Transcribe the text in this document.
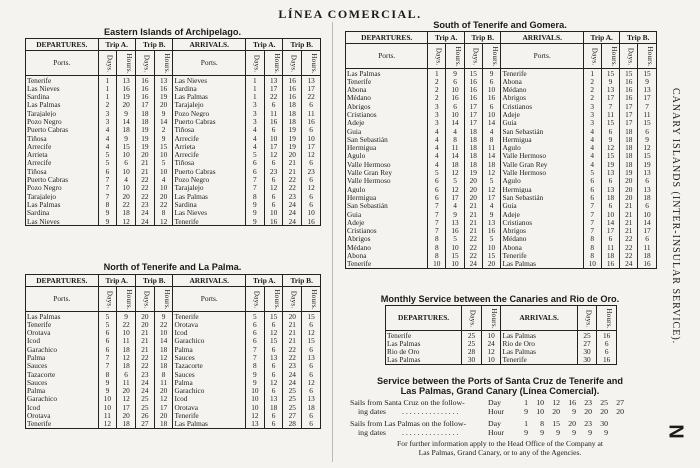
LÍNEA COMERCIAL.
Eastern Islands of Archipelago.
DEPARTURES.	Trip A.		Trip B.		ARRIVALS.	Trip A.		Trip B.	
Ports.	Days.	Hours.	Days.	Hours.	Ports.	Days.	Hours.	Days.	Hours.
Tenerife	1	13	16	13	Las Nieves	1	13	16	13
Las Nieves	1	16	16	16	Sardina	1	17	16	17
Sardina	1	19	16	19	Las Palmas	1	22	16	22
Las Palmas	2	20	17	20	Tarajalejo	3	6	18	6
Tarajalejo	3	9	18	9	Pozo Negro	3	11	18	11
Pozo Negro	3	14	18	14	Puerto Cabras	3	16	18	16
Puerto Cabras	4	18	19	2	Tiñosa	4	6	19	6
Tiñosa	4	9	19	9	Arrecife	4	10	19	10
Arrecife	4	15	19	15	Arrieta	4	17	19	17
Arrieta	5	10	20	10	Arrecife	5	12	20	12
Arrecife	5	6	21	5	Tiñosa	6	6	21	6
Tiñosa	6	10	21	10	Puerto Cabras	6	23	21	23
Puerto Cabras	7	4	22	4	Pozo Negro	7	6	22	6
Pozo Negro	7	10	22	10	Tarajalejo	7	12	22	12
Tarajalejo	7	20	22	20	Las Palmas	8	6	23	6
Las Palmas	8	22	23	22	Sardina	9	6	24	6
Sardina	9	18	24	8	Las Nieves	9	10	24	10
Las Nieves	9	12	24	12	Tenerife	9	16	24	16
North of Tenerife and La Palma.
DEPARTURES.	Trip A.		Trip B.		ARRIVALS.	Trip A.		Trip B.	
Ports.	Days.	Hours.	Days.	Hours.	Ports.	Days.	Hours.	Days.	Hours.
Las Palmas	5	9	20	9	Tenerife	5	15	20	15
Tenerife	5	22	20	22	Orotava	6	6	21	6
Orotava	6	10	21	10	Icod	6	12	21	12
Icod	6	11	21	14	Garachico	6	15	21	15
Garachico	6	18	21	18	Palma	7	6	22	6
Palma	7	12	22	12	Sauces	7	13	22	13
Sauces	7	18	22	18	Tazacorte	8	6	23	6
Tazacorte	8	6	23	8	Sauces	9	6	24	6
Sauces	9	11	24	11	Palma	9	12	24	12
Palma	9	20	24	20	Garachico	10	6	25	6
Garachico	10	12	25	12	Icod	10	13	25	13
Icod	10	17	25	17	Orotava	10	18	25	18
Orotava	11	20	26	20	Tenerife	12	6	27	6
Tenerife	12	18	27	18	Las Palmas	13	6	28	6
South of Tenerife and Gomera.
DEPARTURES.	Trip A.		Trip B.		ARRIVALS.	Trip A.		Trip B.	
Ports.	Days.	Hours.	Days.	Hours.	Ports.	Days.	Hours.	Days.	Hours.
Las Palmas	1	9	15	9	Tenerife	1	15	15	15
Tenerife	2	6	16	6	Abona	2	9	16	9
Abona	2	10	16	10	Médano	2	13	16	13
Médano	2	16	16	16	Abrigos	2	17	16	17
Abrigos	3	6	17	6	Cristianos	3	7	17	7
Cristianos	3	10	17	10	Adeje	3	11	17	11
Adeje	3	14	17	14	Guia	3	15	17	15
Guia	4	4	18	4	San Sebastián	4	6	18	6
San Sebastián	4	8	18	8	Hermigua	4	9	18	9
Hermigua	4	11	18	11	Agulo	4	12	18	12
Agulo	4	14	18	14	Valle Hermoso	4	15	18	15
Valle Hermoso	4	18	18	18	Valle Gran Rey	4	19	18	19
Valle Gran Rey	5	12	19	12	Valle Hermoso	5	13	19	13
Valle Hermoso	6	5	20	5	Agulo	6	6	20	6
Agulo	6	12	20	12	Hermigua	6	13	20	13
Hermigua	6	17	20	17	San Sebastián	6	18	20	18
San Sebastián	7	4	21	4	Guia	7	6	21	6
Guia	7	9	21	9	Adeje	7	10	21	10
Adeje	7	13	21	13	Cristianos	7	14	21	14
Cristianos	7	16	21	16	Abrigos	7	17	21	17
Abrigos	8	5	22	5	Médano	8	6	22	6
Médano	8	10	22	10	Abona	8	11	22	11
Abona	8	15	22	15	Tenerife	8	18	22	18
Tenerife	10	10	24	20	Las Palmas	10	16	24	16
Monthly Service between the Canaries and Rio de Oro.
DEPARTURES.	Days.	Hours.	ARRIVALS.	Days.	Hours.
Tenerife	25	10	Las Palmas	25	16
Las Palmas	25	24	Rio de Oro	27	6
Rio de Oro	28	12	Las Palmas	30	6
Las Palmas	30	10	Tenerife	30	16
Service between the Ports of Santa Cruz de Tenerife and
Las Palmas, Grand Canary (Línea Comercial).
Sails from Santa Cruz on the follow-
ing dates . . . . . . . . . . . . . . .
Sails from Las Palmas on the follow-
ing dates . . . . . . . . . . . . . . .
Day	1	10	12	16	23	25	27
Hour	9	10	20	9	20	20	20
Day	1	8	15	20	23	30
Hour	9	9	9	9	9	9
For further information apply to the Head Office of the Company at
Las Palmas, Grand Canary, or to any of the Agencies.
CANARY ISLANDS (INTER-INSULAR SERVICE).
N
